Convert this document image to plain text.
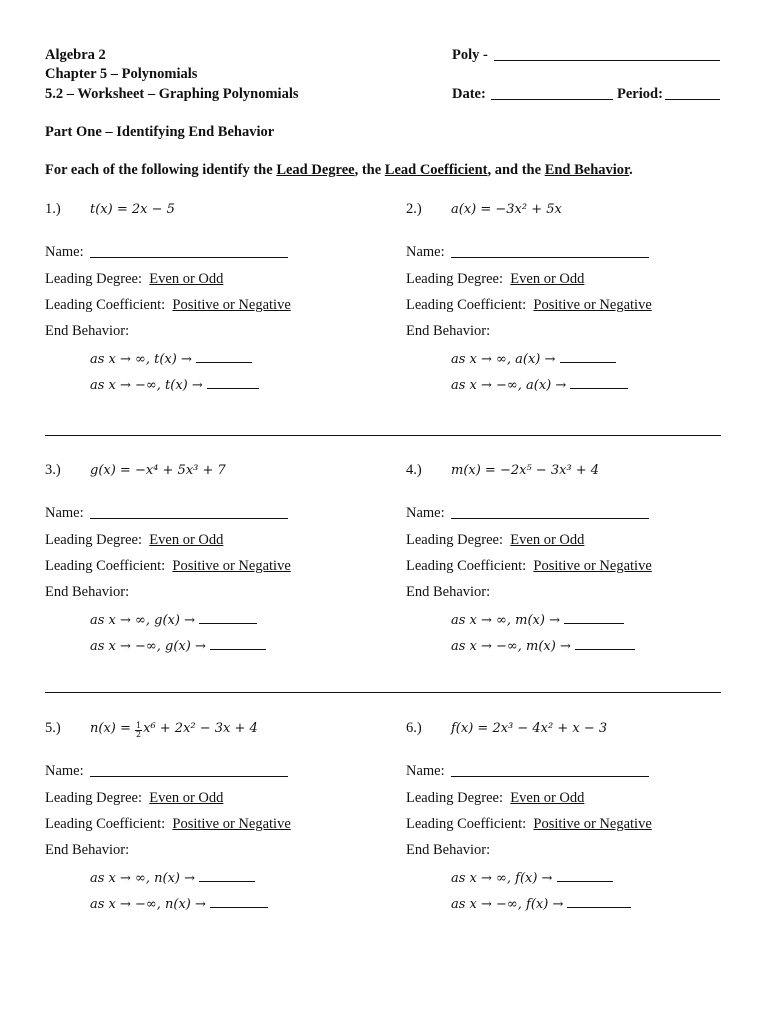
Algebra 2
Chapter 5 – Polynomials
5.2 – Worksheet – Graphing Polynomials
Poly -
Date:	Period:
Part One – Identifying End Behavior
For each of the following identify the Lead Degree, the Lead Coefficient, and the End Behavior.
1.) t(x) = 2x − 5
Name:
Leading Degree: Even or Odd
Leading Coefficient: Positive or Negative
End Behavior:
as x → ∞, t(x) →
as x → −∞, t(x) →
2.) a(x) = −3x² + 5x
Name:
Leading Degree: Even or Odd
Leading Coefficient: Positive or Negative
End Behavior:
as x → ∞, a(x) →
as x → −∞, a(x) →
3.) g(x) = −x⁴ + 5x³ + 7
Name:
Leading Degree: Even or Odd
Leading Coefficient: Positive or Negative
End Behavior:
as x → ∞, g(x) →
as x → −∞, g(x) →
4.) m(x) = −2x⁵ − 3x³ + 4
Name:
Leading Degree: Even or Odd
Leading Coefficient: Positive or Negative
End Behavior:
as x → ∞, m(x) →
as x → −∞, m(x) →
5.) $n(x) = \frac{1}{2} x^6 + 2x^2 - 3x + 4$
Name:
Leading Degree: Even or Odd
Leading Coefficient: Positive or Negative
End Behavior:
as x → ∞, n(x) →
as x → −∞, n(x) →
6.) f(x) = 2x³ − 4x² + x − 3
Name:
Leading Degree: Even or Odd
Leading Coefficient: Positive or Negative
End Behavior:
as x → ∞, f(x) →
as x → −∞, f(x) →
